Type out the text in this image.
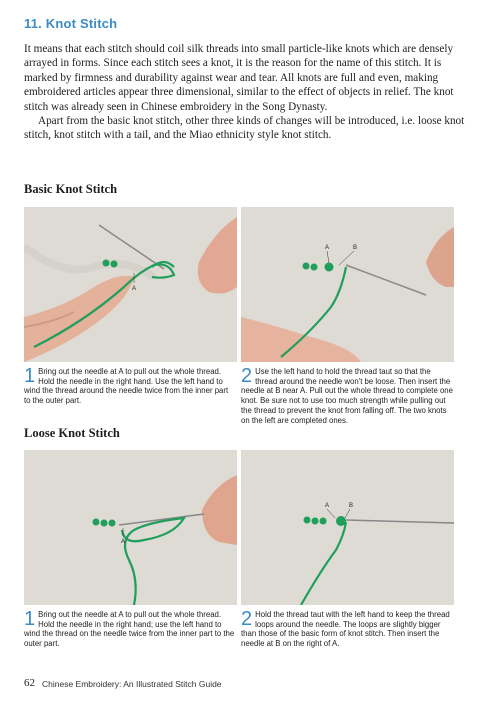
11. Knot Stitch

It means that each stitch should coil silk threads into small particle-like knots which are densely arrayed in forms. Since each stitch sees a knot, it is the reason for the name of this stitch. It is marked by firmness and durability against wear and tear. All knots are full and even, making embroidered articles appear three dimensional, similar to the effect of objects in relief. The knot stitch was already seen in Chinese embroidery in the Song Dynasty.

Apart from the basic knot stitch, other three kinds of changes will be introduced, i.e. loose knot stitch, knot stitch with a tail, and the Miao ethnicity style knot stitch.

Basic Knot Stitch
A
A	B
1 Bring out the needle at A to pull out the whole thread. Hold the needle in the right hand. Use the left hand to wind the thread around the needle twice from the inner part to the outer part.
2 Use the left hand to hold the thread taut so that the thread around the needle won't be loose. Then insert the needle at B near A. Pull out the whole thread to complete one knot. Be sure not to use too much strength while pulling out the thread to prevent the knot from falling off. The two knots on the left are completed ones.
Loose Knot Stitch
A
A	B
1 Bring out the needle at A to pull out the whole thread. Hold the needle in the right hand; use the left hand to wind the thread on the needle twice from the inner part to the outer part.
2 Hold the thread taut with the left hand to keep the thread loops around the needle. The loops are slightly bigger than those of the basic form of knot stitch. Then insert the needle at B on the right of A.
62 Chinese Embroidery: An Illustrated Stitch Guide
